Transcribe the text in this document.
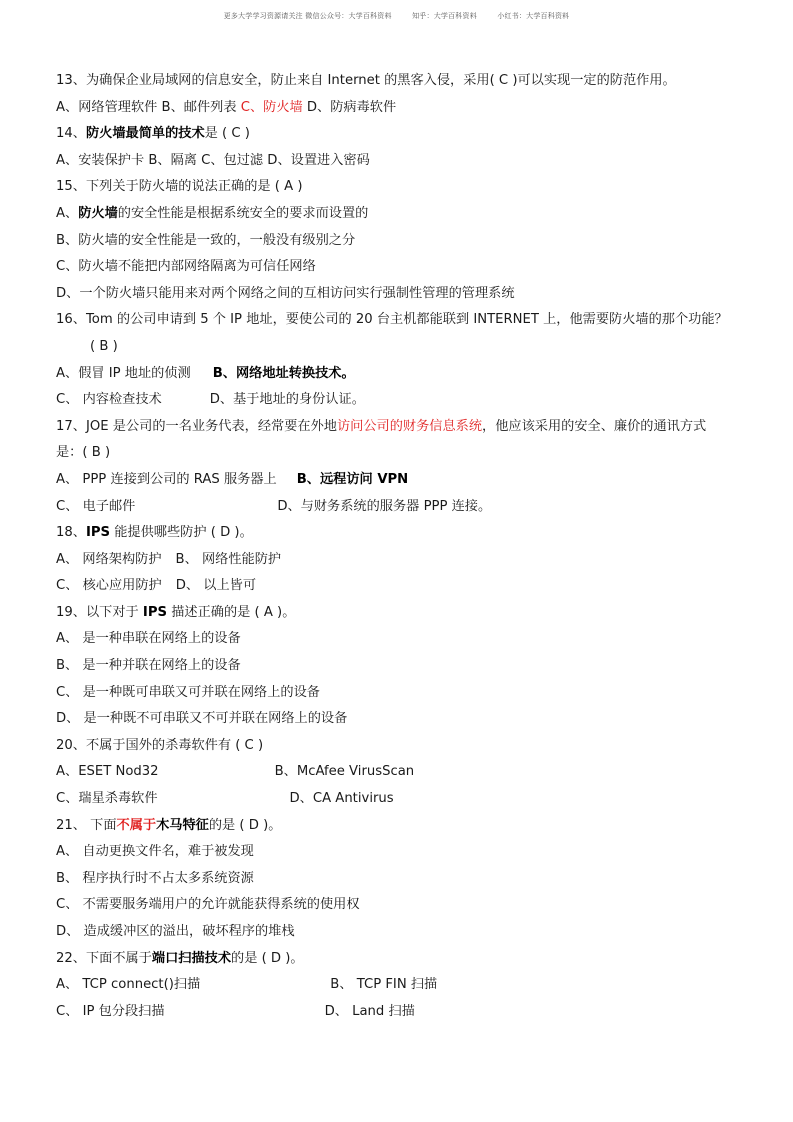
更多大学学习资源请关注 微信公众号：大学百科资料	知乎：大学百科资料	小红书：大学百科资料
13、为确保企业局域网的信息安全，防止来自 Internet 的黑客入侵，采用( C )可以实现一定的防范作用。
A、网络管理软件 B、邮件列表 C、防火墙 D、防病毒软件
14、防火墙最简单的技术是 ( C )
A、安装保护卡 B、隔离 C、包过滤 D、设置进入密码
15、下列关于防火墙的说法正确的是 ( A )
A、防火墙的安全性能是根据系统安全的要求而设置的
B、防火墙的安全性能是一致的，一般没有级别之分
C、防火墙不能把内部网络隔离为可信任网络
D、一个防火墙只能用来对两个网络之间的互相访问实行强制性管理的管理系统
16、Tom 的公司申请到 5 个 IP 地址，要使公司的 20 台主机都能联到 INTERNET 上，他需要防火墙的那个功能？
( B )
A、假冒 IP 地址的侦测 B、网络地址转换技术。
C、 内容检查技术	D、基于地址的身份认证。
17、JOE 是公司的一名业务代表，经常要在外地访问公司的财务信息系统，他应该采用的安全、廉价的通讯方式
是：( B )
A、 PPP 连接到公司的 RAS 服务器上 B、远程访问 VPN
C、 电子邮件	D、与财务系统的服务器 PPP 连接。
18、IPS 能提供哪些防护 ( D )。
A、 网络架构防护 B、 网络性能防护
C、 核心应用防护 D、 以上皆可
19、以下对于 IPS 描述正确的是 ( A )。
A、 是一种串联在网络上的设备
B、 是一种并联在网络上的设备
C、 是一种既可串联又可并联在网络上的设备
D、 是一种既不可串联又不可并联在网络上的设备
20、不属于国外的杀毒软件有 ( C )
A、ESET Nod32	B、McAfee VirusScan
C、瑞星杀毒软件	D、CA Antivirus
21、 下面不属于木马特征的是 ( D )。
A、 自动更换文件名，难于被发现
B、 程序执行时不占太多系统资源
C、 不需要服务端用户的允许就能获得系统的使用权
D、 造成缓冲区的溢出，破坏程序的堆栈
22、下面不属于端口扫描技术的是 ( D )。
A、 TCP connect()扫描	B、 TCP FIN 扫描
C、 IP 包分段扫描	D、 Land 扫描
